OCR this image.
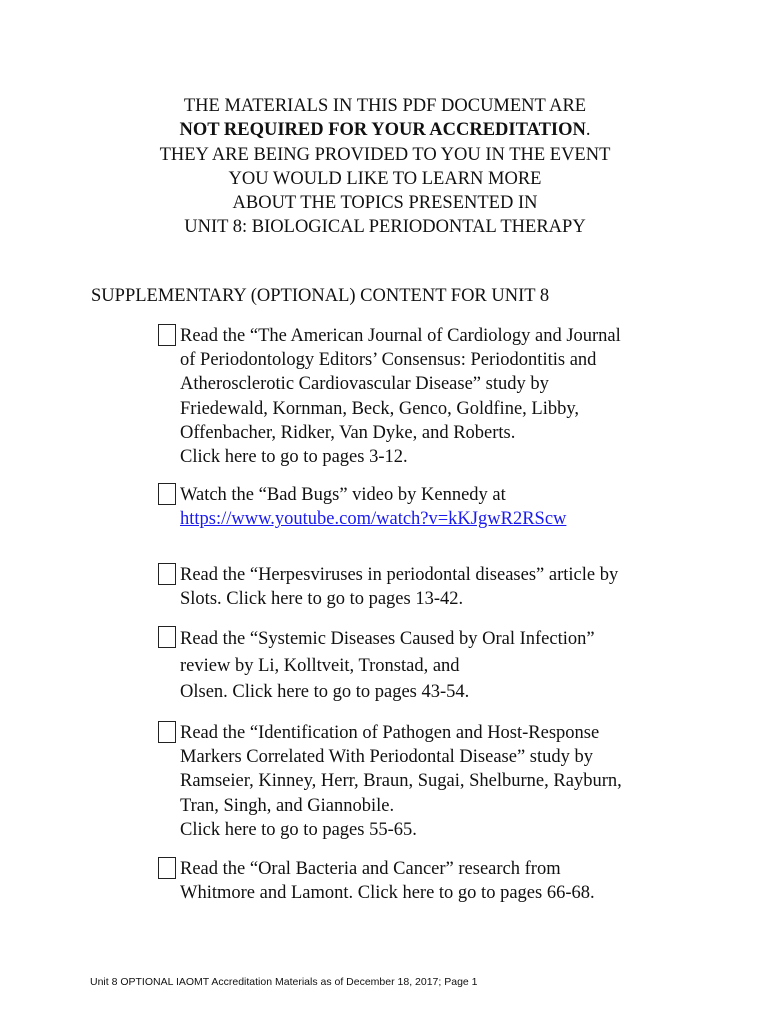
THE MATERIALS IN THIS PDF DOCUMENT ARE
NOT REQUIRED FOR YOUR ACCREDITATION.
THEY ARE BEING PROVIDED TO YOU IN THE EVENT
YOU WOULD LIKE TO LEARN MORE
ABOUT THE TOPICS PRESENTED IN
UNIT 8: BIOLOGICAL PERIODONTAL THERAPY
SUPPLEMENTARY (OPTIONAL) CONTENT FOR UNIT 8
Read the “The American Journal of Cardiology and Journal
of Periodontology Editors’ Consensus: Periodontitis and
Atherosclerotic Cardiovascular Disease” study by
Friedewald, Kornman, Beck, Genco, Goldfine, Libby,
Offenbacher, Ridker, Van Dyke, and Roberts.
Click here to go to pages 3-12.
Watch the “Bad Bugs” video by Kennedy at
https://www.youtube.com/watch?v=kKJgwR2RScw
Read the “Herpesviruses in periodontal diseases” article by
Slots. Click here to go to pages 13-42.
Read the “Systemic Diseases Caused by Oral Infection”
review by Li, Kolltveit, Tronstad, and
Olsen. Click here to go to pages 43-54.
Read the “Identification of Pathogen and Host-Response
Markers Correlated With Periodontal Disease” study by
Ramseier, Kinney, Herr, Braun, Sugai, Shelburne, Rayburn,
Tran, Singh, and Giannobile.
Click here to go to pages 55-65.
Read the “Oral Bacteria and Cancer” research from
Whitmore and Lamont. Click here to go to pages 66-68.
Unit 8 OPTIONAL IAOMT Accreditation Materials as of December 18, 2017; Page 1
